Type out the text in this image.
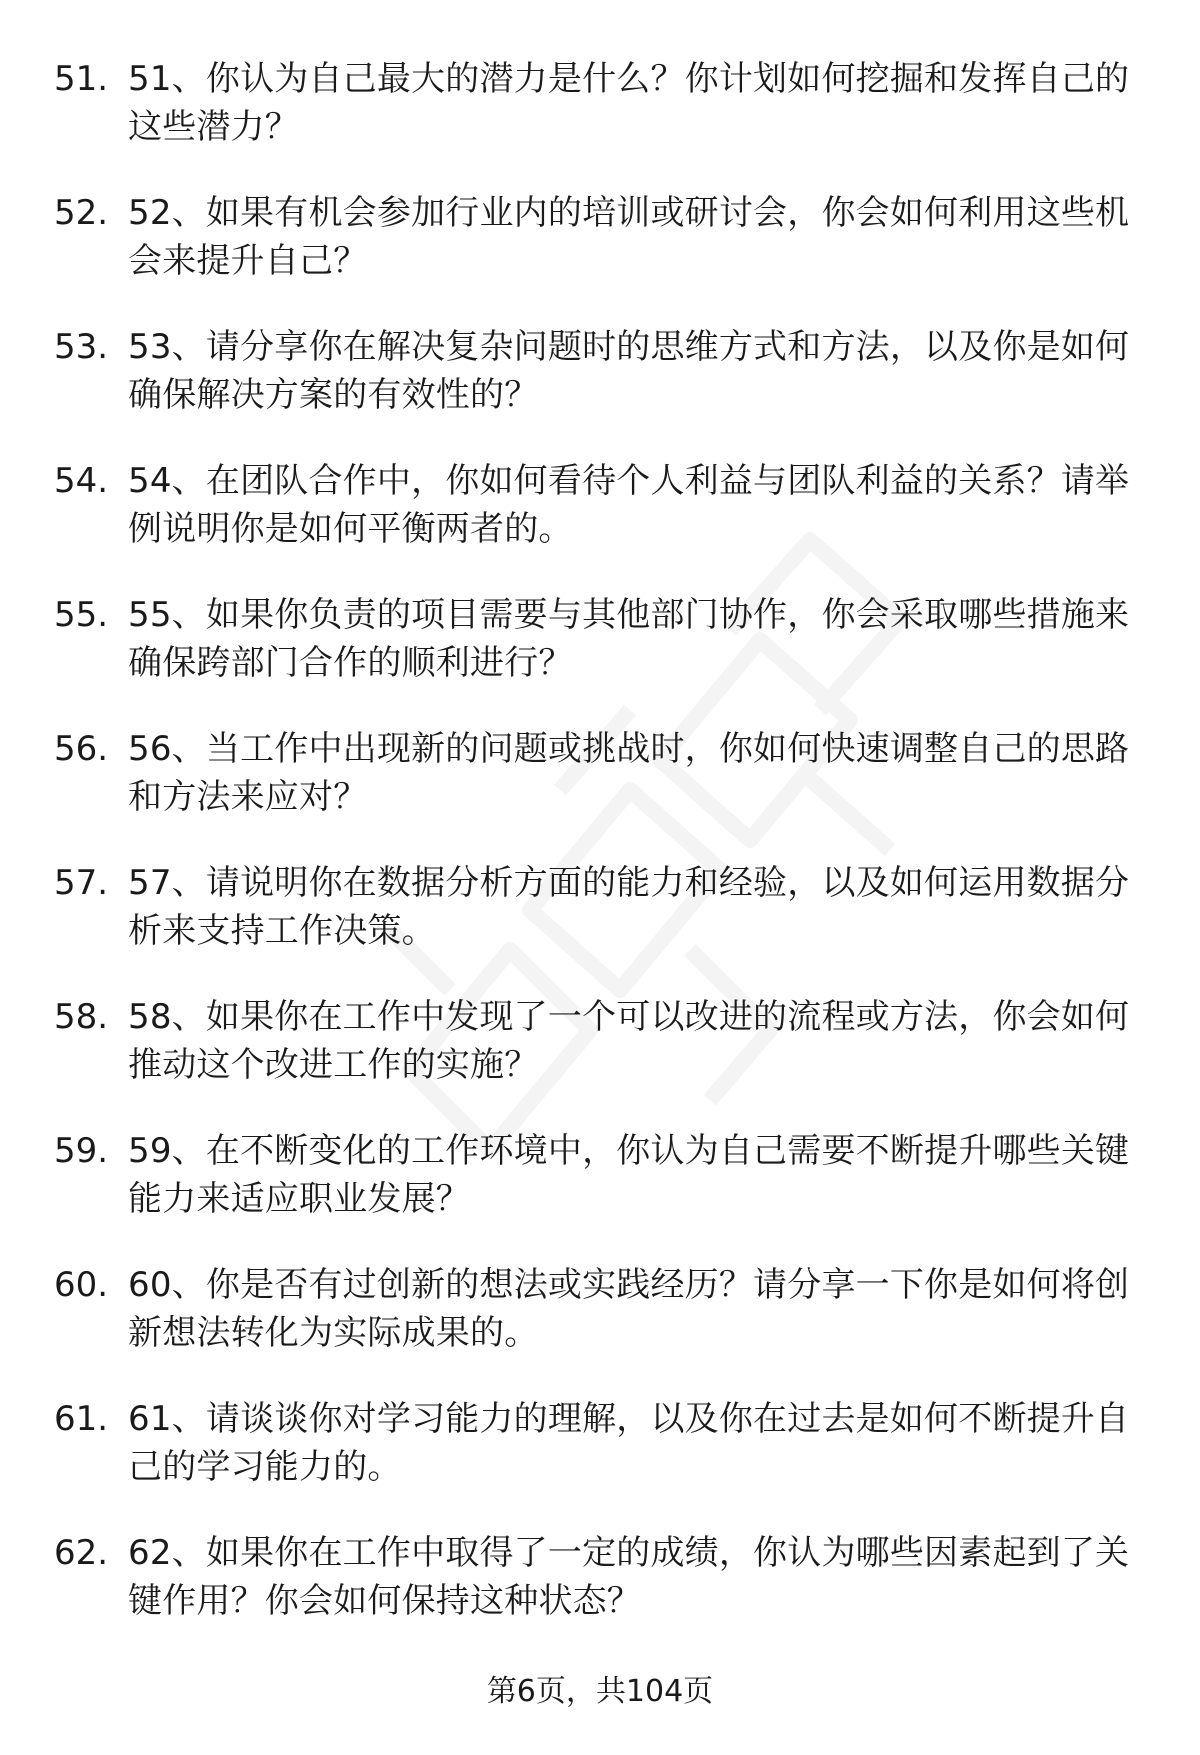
51. 51、你认为自己最大的潜力是什么？你计划如何挖掘和发挥自己的这些潜力？
52. 52、如果有机会参加行业内的培训或研讨会，你会如何利用这些机会来提升自己？
53. 53、请分享你在解决复杂问题时的思维方式和方法，以及你是如何确保解决方案的有效性的？
54. 54、在团队合作中，你如何看待个人利益与团队利益的关系？请举例说明你是如何平衡两者的。
55. 55、如果你负责的项目需要与其他部门协作，你会采取哪些措施来确保跨部门合作的顺利进行？
56. 56、当工作中出现新的问题或挑战时，你如何快速调整自己的思路和方法来应对？
57. 57、请说明你在数据分析方面的能力和经验，以及如何运用数据分析来支持工作决策。
58. 58、如果你在工作中发现了一个可以改进的流程或方法，你会如何推动这个改进工作的实施？
59. 59、在不断变化的工作环境中，你认为自己需要不断提升哪些关键能力来适应职业发展？
60. 60、你是否有过创新的想法或实践经历？请分享一下你是如何将创新想法转化为实际成果的。
61. 61、请谈谈你对学习能力的理解，以及你在过去是如何不断提升自己的学习能力的。
62. 62、如果你在工作中取得了一定的成绩，你认为哪些因素起到了关键作用？你会如何保持这种状态？
第6页，共104页
